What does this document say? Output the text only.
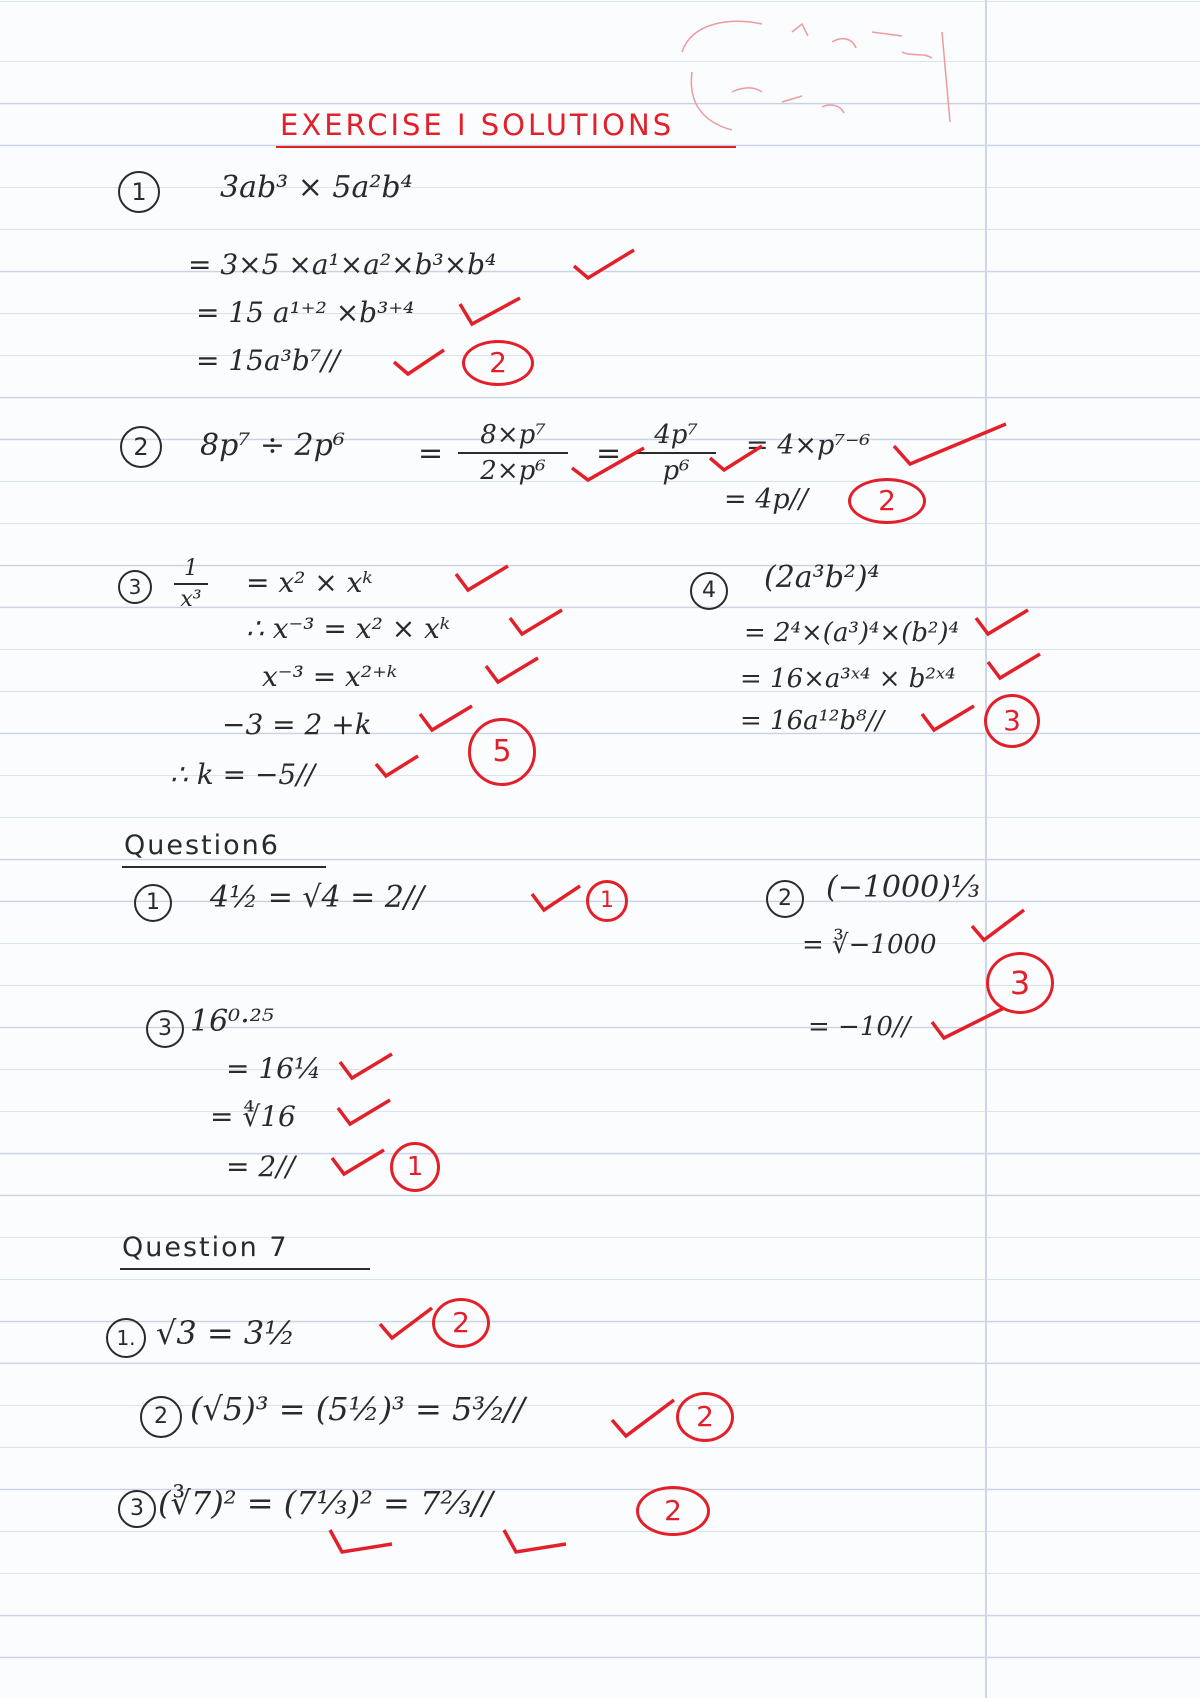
EXERCISE I SOLUTIONS
1	3ab³ × 5a²b⁴
= 3×5 ×a¹×a²×b³×b⁴
= 15 a¹⁺² ×b³⁺⁴
= 15a³b⁷//	2
2	8p⁷ ÷ 2p⁶ =
8×p⁷
2×p⁶	=
4p⁷
p⁶
= 4×p⁷⁻⁶
= 4p//	2
3
1
x³
= x² × xᵏ
∴ x⁻³ = x² × xᵏ
x⁻³ = x²⁺ᵏ
−3 = 2 +k
∴ k = −5//
5
4	(2a³b²)⁴
= 2⁴×(a³)⁴×(b²)⁴
= 16×a³ˣ⁴ × b²ˣ⁴
= 16a¹²b⁸//	3
Question6
1	4½ = √4 = 2//	1	2	(−1000)⅓
= ∛−1000
3
= −10//
3 16⁰·²⁵
= 16¼
= ∜16
= 2//	1
Question 7
1. √3 = 3½	2
2 (√5)³ = (5½)³ = 5³⁄₂//	2
3 (∛7)² = (7⅓)² = 7²⁄₃//	2
